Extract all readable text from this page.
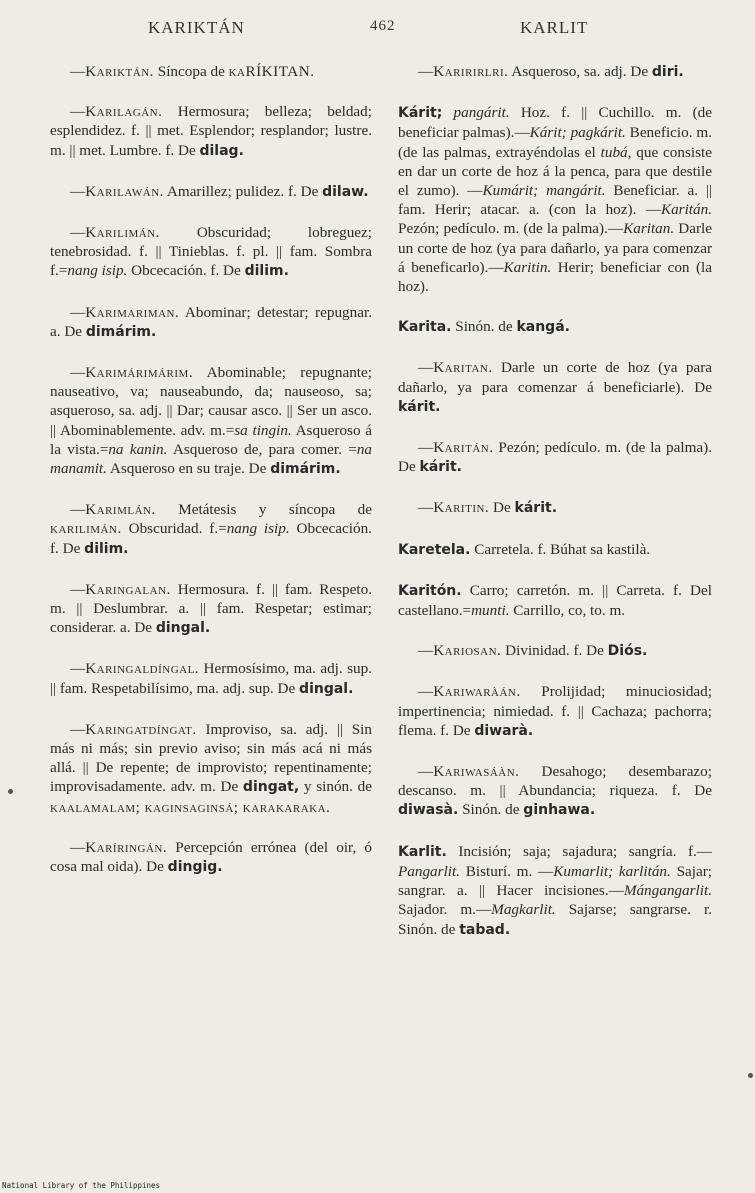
KARIKTÁN	462	KARLIT

—Kariktán. Síncopa de kaRÍKITAN.

—Karilagán. Hermosura; belleza; beldad; esplendidez. f. || met. Esplendor; resplandor; lustre. m. || met. Lumbre. f. De dilag.

—Karilawán. Amarillez; pulidez. f. De dilaw.

—Karilimán. Obscuridad; lobreguez; tenebrosidad. f. || Tinieblas. f. pl. || fam. Sombra f.=nang isip. Obcecación. f. De dilim.

—Karimariman. Abominar; detestar; repugnar. a. De dimárim.

—Karimárimárim. Abominable; repugnante; nauseativo, va; nauseabundo, da; nauseoso, sa; asqueroso, sa. adj. || Dar; causar asco. || Ser un asco. || Abominablemente. adv. m.=sa tingin. Asqueroso á la vista.=na kanin. Asqueroso de, para comer. =na manamit. Asqueroso en su traje. De dimárim.

—Karimlán. Metátesis y síncopa de karilimán. Obscuridad. f.=nang isip. Obcecación. f. De dilim.

—Karingalan. Hermosura. f. || fam. Respeto. m. || Deslumbrar. a. || fam. Respetar; estimar; considerar. a. De dingal.

—Karingaldíngal. Hermosísimo, ma. adj. sup. || fam. Respetabilísimo, ma. adj. sup. De dingal.

—Karingatdíngat. Improviso, sa. adj. || Sin más ni más; sin previo aviso; sin más acá ni más allá. || De repente; de improvisto; repentinamente; improvisadamente. adv. m. De dingat, y sinón. de kaalamalam; kaginsaginsá; karakaraka.

—Karíringán. Percepción errónea (del oir, ó cosa mal oida). De dingig.

—Karirirlri. Asqueroso, sa. adj. De diri.

Kárit; pangárit. Hoz. f. || Cuchillo. m. (de beneficiar palmas).—Kárit; pagkárit. Beneficio. m. (de las palmas, extrayéndolas el tubá, que consiste en dar un corte de hoz á la penca, para que destile el zumo). —Kumárit; mangárit. Beneficiar. a. || fam. Herir; atacar. a. (con la hoz). —Karitán. Pezón; pedículo. m. (de la palma).—Karitan. Darle un corte de hoz (ya para dañarlo, ya para comenzar á beneficarlo).—Karitin. Herir; beneficiar con (la hoz).

Karita. Sinón. de kangá.

—Karitan. Darle un corte de hoz (ya para dañarlo, ya para comenzar á beneficiarle). De kárit.

—Karitán. Pezón; pedículo. m. (de la palma). De kárit.

—Karitin. De kárit.

Karetela. Carretela. f. Búhat sa kastilà.

Karitón. Carro; carretón. m. || Carreta. f. Del castellano.=munti. Carrillo, co, to. m.

—Kariosan. Divinidad. f. De Diós.

—Kariwaràán. Prolijidad; minuciosidad; impertinencia; nimiedad. f. || Cachaza; pachorra; flema. f. De diwarà.

—Kariwasáàn. Desahogo; desembarazo; descanso. m. || Abundancia; riqueza. f. De diwasà. Sinón. de ginhawa.

Karlit. Incisión; saja; sajadura; sangría. f.—Pangarlit. Bisturí. m. —Kumarlit; karlitán. Sajar; sangrar. a. || Hacer incisiones.—Mángangarlit. Sajador. m.—Magkarlit. Sajarse; sangrarse. r. Sinón. de tabad.

National Library of the Philippines
